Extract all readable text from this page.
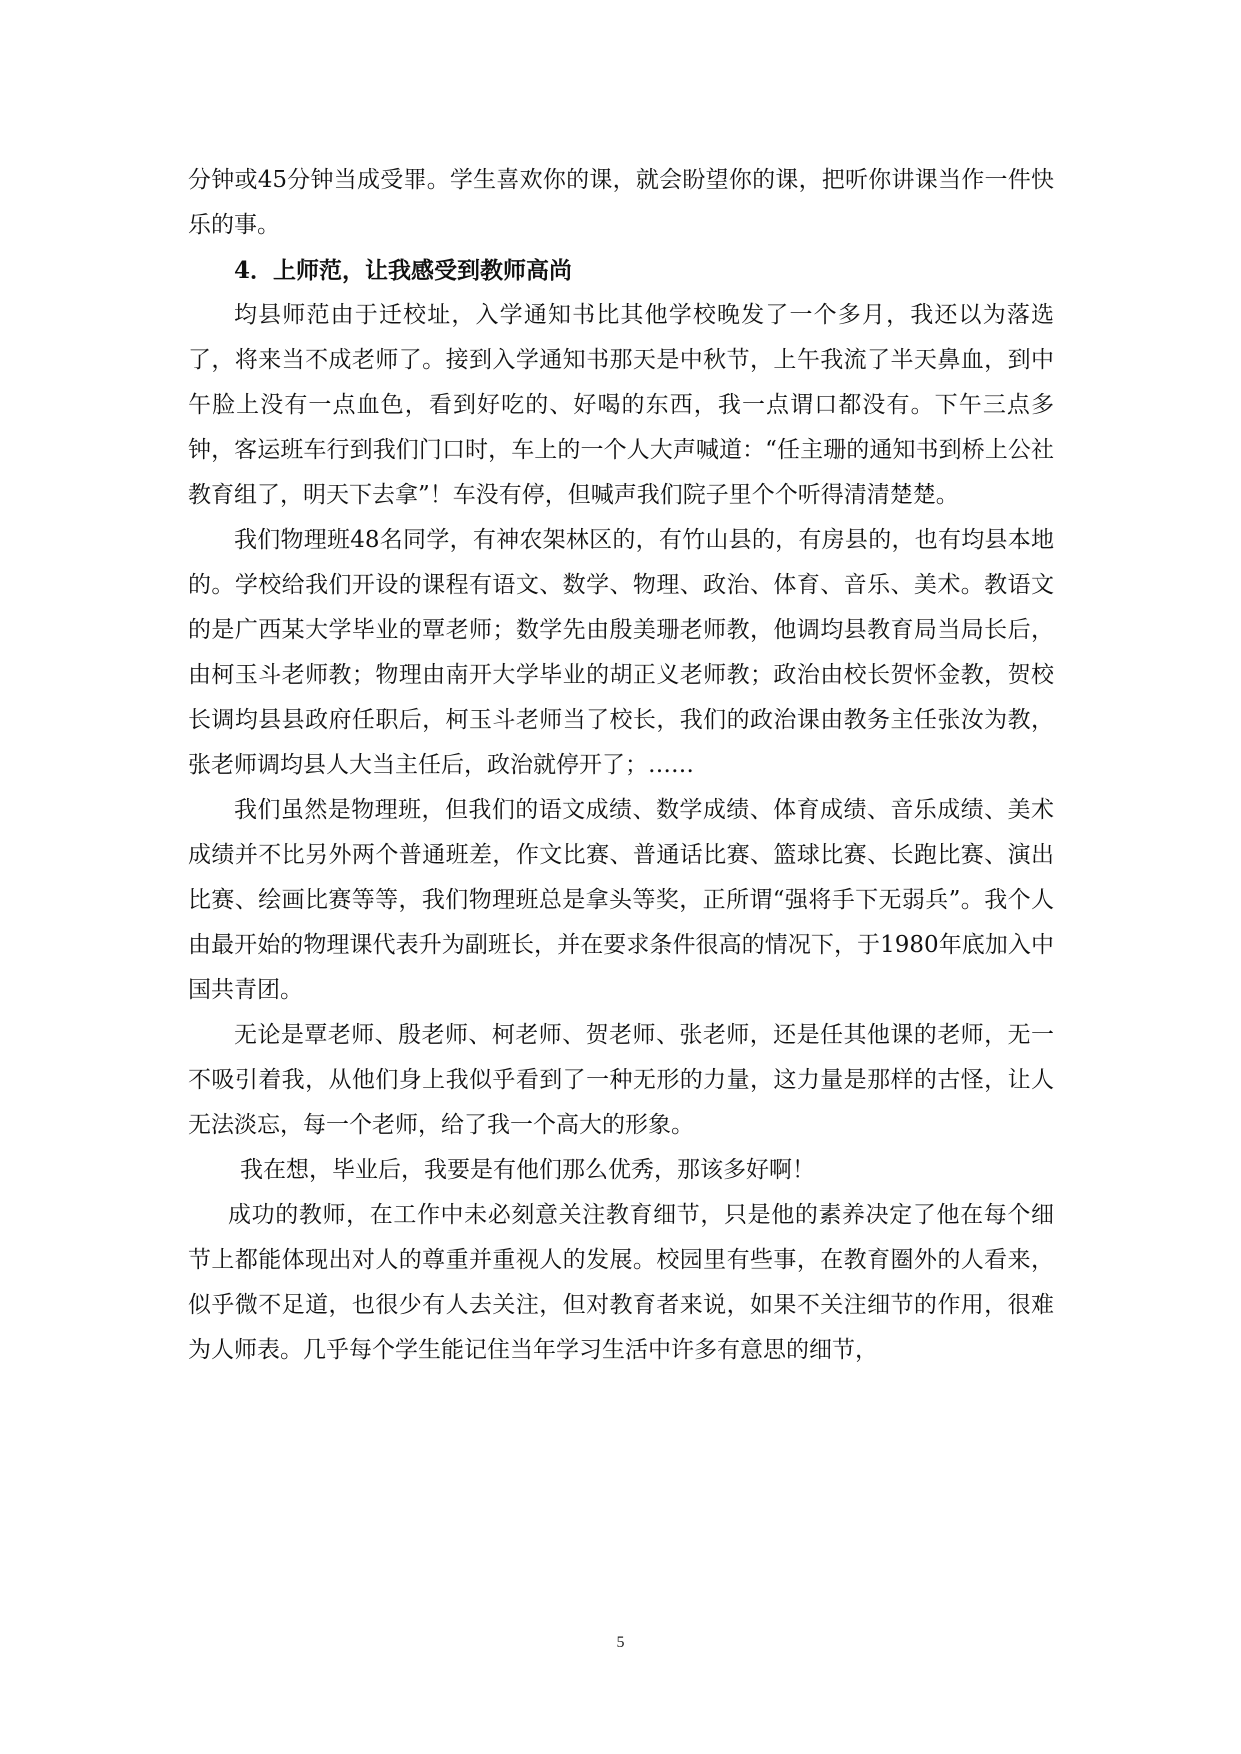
分钟或45分钟当成受罪。学生喜欢你的课，就会盼望你的课，把听你讲课当作一件快乐的事。

4．上师范，让我感受到教师高尚

均县师范由于迁校址，入学通知书比其他学校晚发了一个多月，我还以为落选了，将来当不成老师了。接到入学通知书那天是中秋节，上午我流了半天鼻血，到中午脸上没有一点血色，看到好吃的、好喝的东西，我一点谓口都没有。下午三点多钟，客运班车行到我们门口时，车上的一个人大声喊道：“任主珊的通知书到桥上公社教育组了，明天下去拿”！车没有停，但喊声我们院子里个个听得清清楚楚。

我们物理班48名同学，有神农架林区的，有竹山县的，有房县的，也有均县本地的。学校给我们开设的课程有语文、数学、物理、政治、体育、音乐、美术。教语文的是广西某大学毕业的覃老师；数学先由殷美珊老师教，他调均县教育局当局长后，由柯玉斗老师教；物理由南开大学毕业的胡正义老师教；政治由校长贺怀金教，贺校长调均县县政府任职后，柯玉斗老师当了校长，我们的政治课由教务主任张汝为教，张老师调均县人大当主任后，政治就停开了；……

我们虽然是物理班，但我们的语文成绩、数学成绩、体育成绩、音乐成绩、美术成绩并不比另外两个普通班差，作文比赛、普通话比赛、篮球比赛、长跑比赛、演出比赛、绘画比赛等等，我们物理班总是拿头等奖，正所谓“强将手下无弱兵”。我个人由最开始的物理课代表升为副班长，并在要求条件很高的情况下，于1980年底加入中国共青团。

无论是覃老师、殷老师、柯老师、贺老师、张老师，还是任其他课的老师，无一不吸引着我，从他们身上我似乎看到了一种无形的力量，这力量是那样的古怪，让人无法淡忘，每一个老师，给了我一个高大的形象。

我在想，毕业后，我要是有他们那么优秀，那该多好啊！

成功的教师，在工作中未必刻意关注教育细节，只是他的素养决定了他在每个细节上都能体现出对人的尊重并重视人的发展。校园里有些事，在教育圈外的人看来，似乎微不足道，也很少有人去关注，但对教育者来说，如果不关注细节的作用，很难为人师表。几乎每个学生能记住当年学习生活中许多有意思的细节，

5
